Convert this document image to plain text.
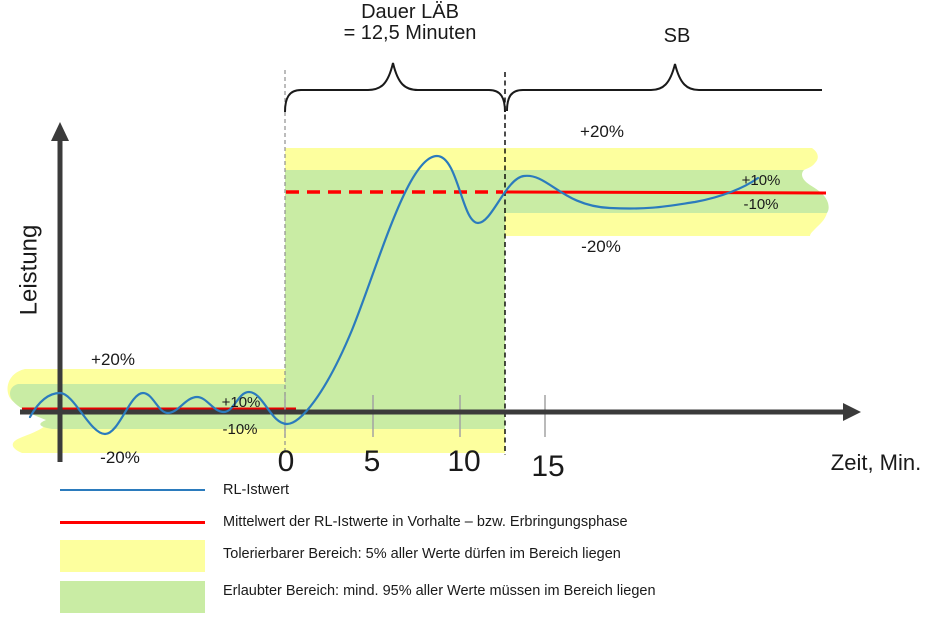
Dauer LÄB
= 12,5 Minuten	SB
+20%
+10%
-10%
-20%
+20%
+10%
-10%
-20%
Leistung
Zeit, Min.
0 5 10 15
RL-Istwert
Mittelwert der RL-Istwerte in Vorhalte – bzw. Erbringungsphase
Tolerierbarer Bereich: 5% aller Werte dürfen im Bereich liegen
Erlaubter Bereich: mind. 95% aller Werte müssen im Bereich liegen
